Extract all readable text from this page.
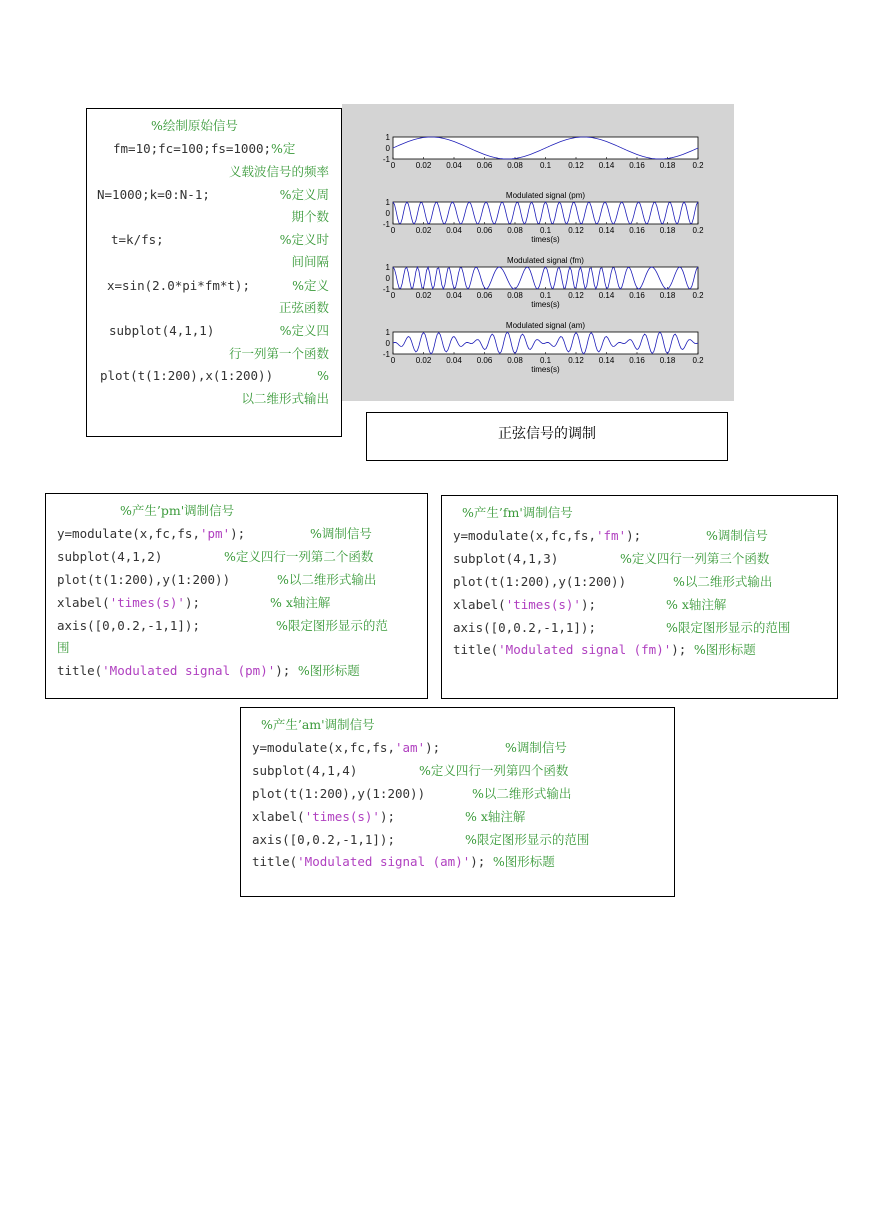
%绘制原始信号
fm=10;fc=100;fs=1000;%定
义载波信号的频率
N=1000;k=0:N-1;	%定义周
期个数
t=k/fs;	%定义时
间间隔
x=sin(2.0*pi*fm*t);	%定义
正弦函数
subplot(4,1,1)	%定义四
行一列第一个函数
plot(t(1:200),x(1:200))	%
以二维形式输出
1
0
-1
0	0.02 0.04 0.06 0.08 0.1 0.12 0.14 0.16 0.18 0.2
Modulated signal (pm)
1
0
-1
0	0.02 0.04 0.06 0.08 0.1 0.12 0.14 0.16 0.18 0.2
times(s)
Modulated signal (fm)
1
0
-1
0	0.02 0.04 0.06 0.08 0.1 0.12 0.14 0.16 0.18 0.2
times(s)
Modulated signal (am)
1
0
-1
0	0.02 0.04 0.06 0.08 0.1 0.12 0.14 0.16 0.18 0.2
times(s)
正弦信号的调制
%产生’pm'调制信号
y=modulate(x,fc,fs,'pm');	%调制信号
subplot(4,1,2)	%定义四行一列第二个函数
plot(t(1:200),y(1:200))	%以二维形式输出
xlabel('times(s)');	% x轴注解
axis([0,0.2,-1,1]);	%限定图形显示的范
围
title('Modulated signal (pm)'); %图形标题
%产生’fm'调制信号
y=modulate(x,fc,fs,'fm');	%调制信号
subplot(4,1,3)	%定义四行一列第三个函数
plot(t(1:200),y(1:200))	%以二维形式输出
xlabel('times(s)');	% x轴注解
axis([0,0.2,-1,1]);	%限定图形显示的范围
title('Modulated signal (fm)'); %图形标题
%产生’am'调制信号
y=modulate(x,fc,fs,'am');	%调制信号
subplot(4,1,4)	%定义四行一列第四个函数
plot(t(1:200),y(1:200))	%以二维形式输出
xlabel('times(s)');	% x轴注解
axis([0,0.2,-1,1]);	%限定图形显示的范围
title('Modulated signal (am)'); %图形标题
